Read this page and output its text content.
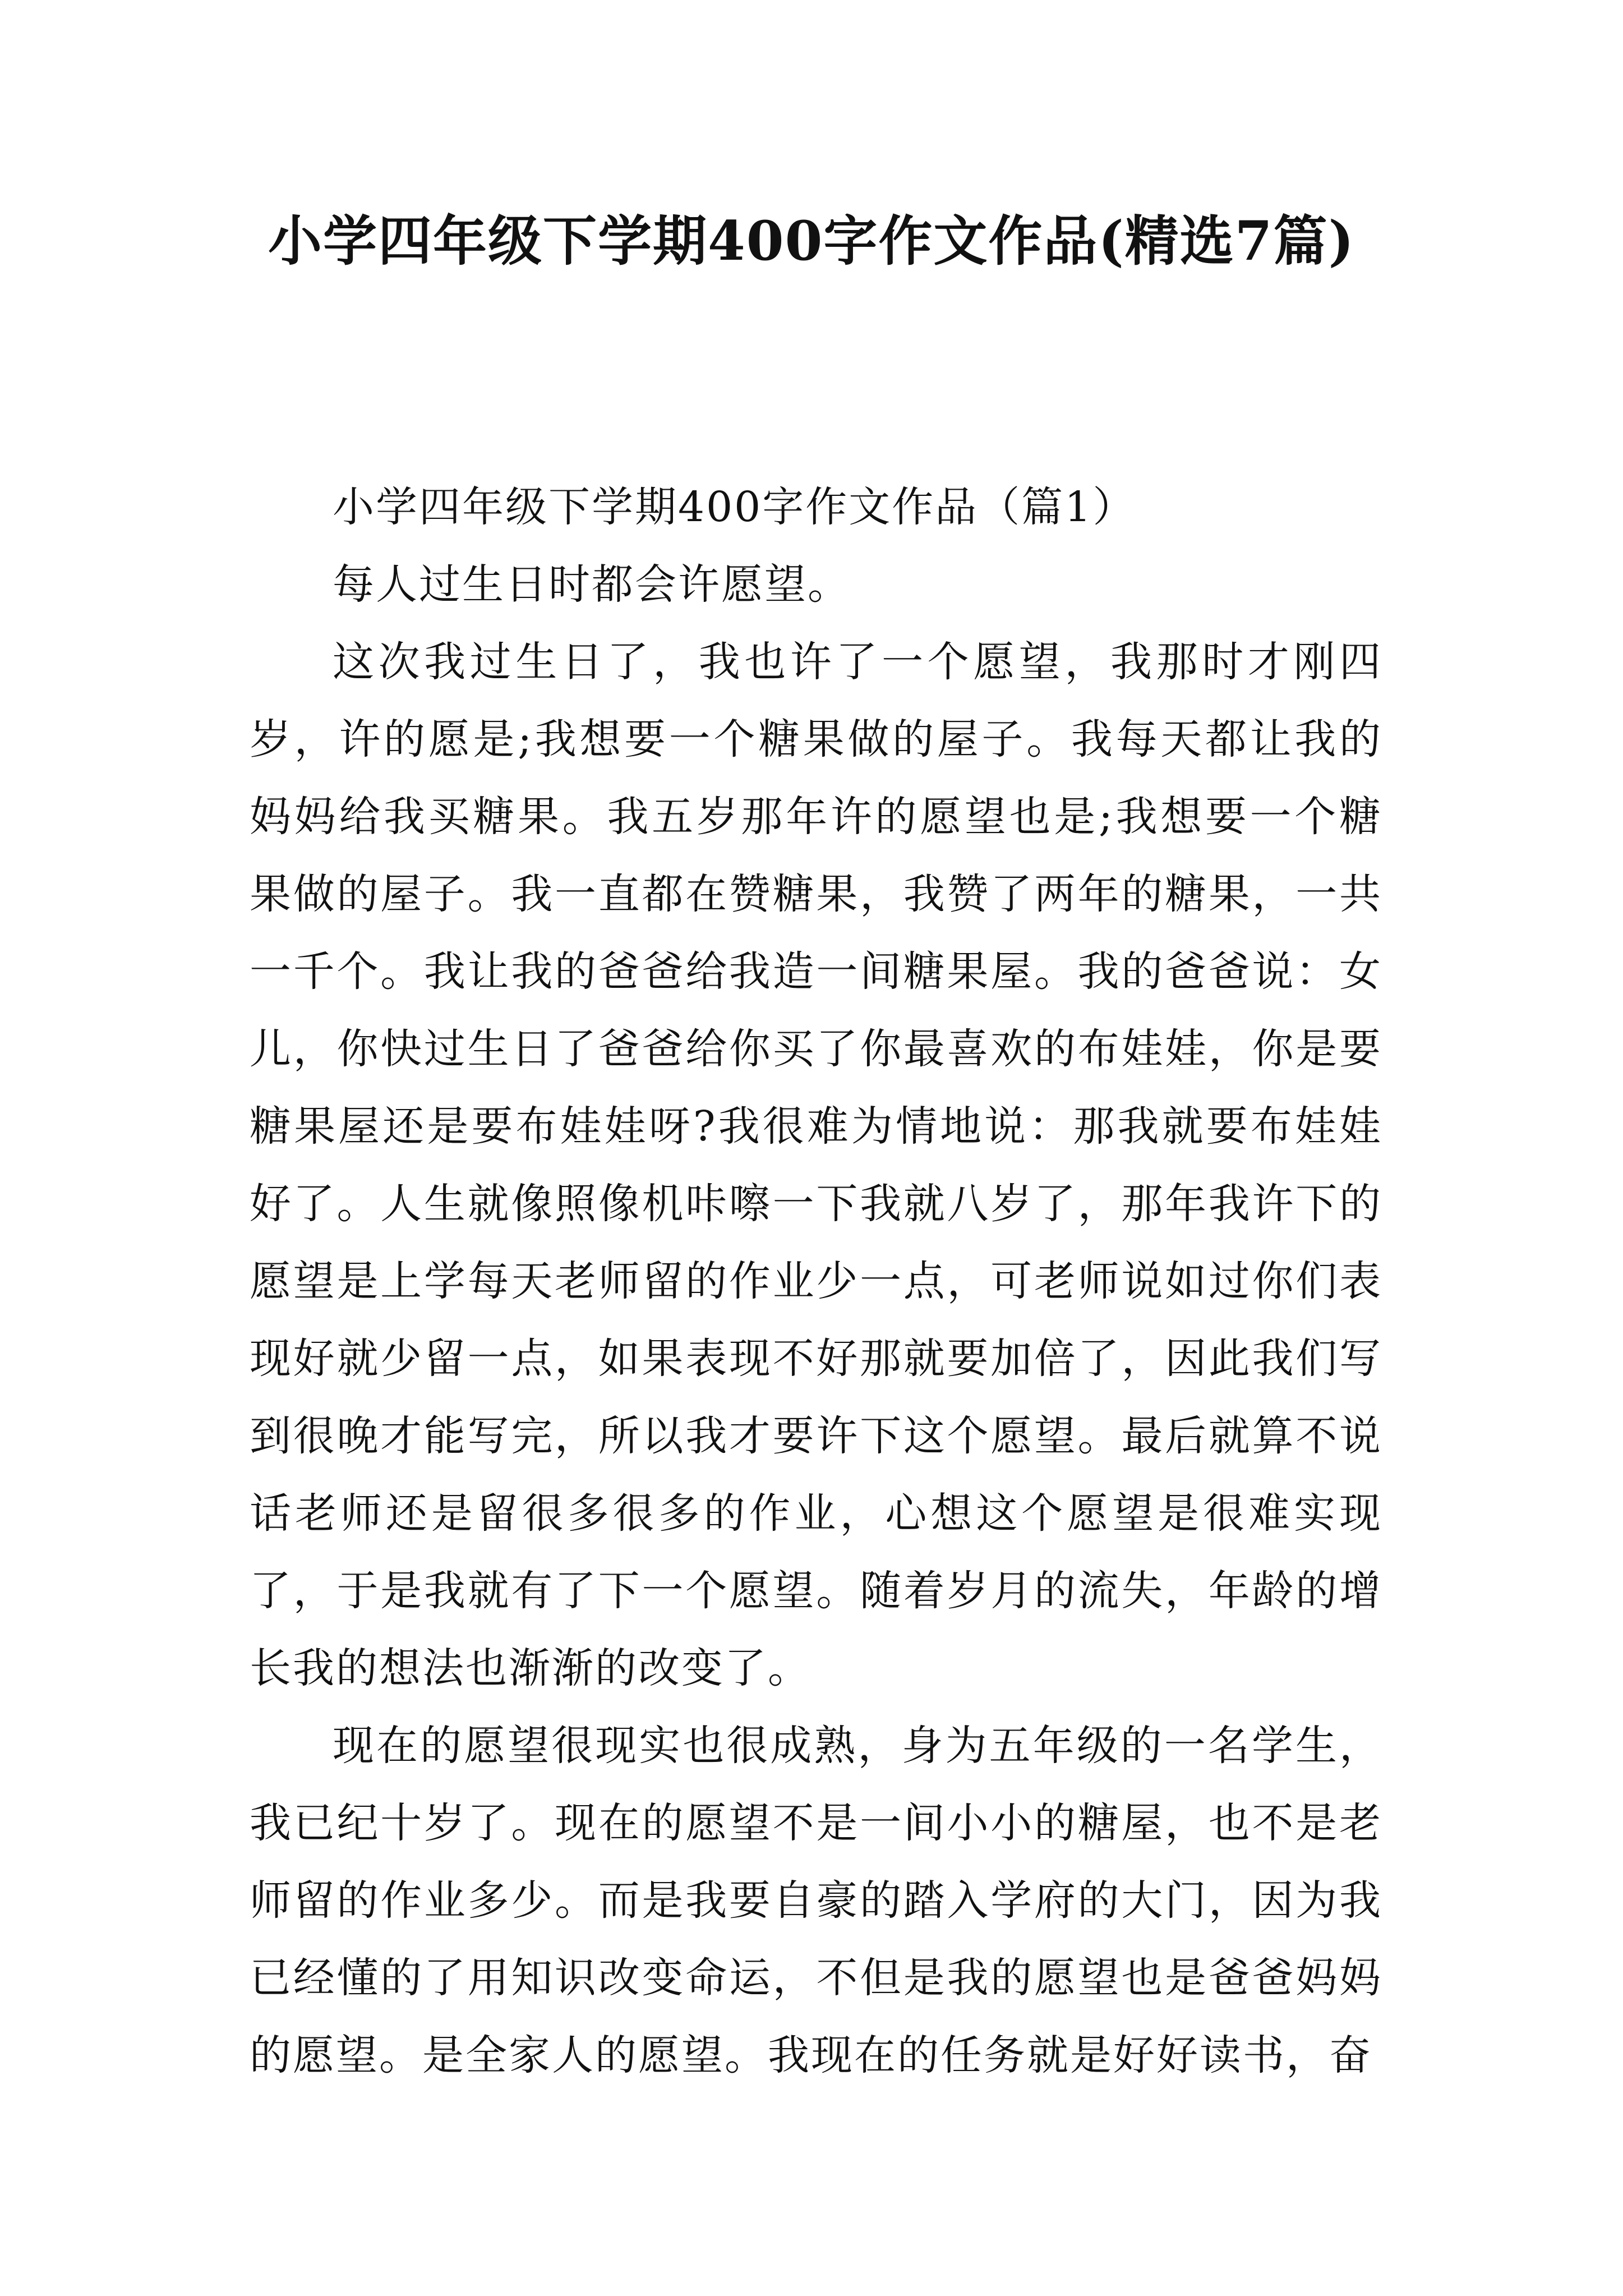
小学四年级下学期400字作文作品(精选7篇)

小学四年级下学期400字作文作品（篇1）

每人过生日时都会许愿望。

这次我过生日了，我也许了一个愿望，我那时才刚四岁，许的愿是;我想要一个糖果做的屋子。我每天都让我的妈妈给我买糖果。我五岁那年许的愿望也是;我想要一个糖果做的屋子。我一直都在赞糖果，我赞了两年的糖果，一共一千个。我让我的爸爸给我造一间糖果屋。我的爸爸说：女儿，你快过生日了爸爸给你买了你最喜欢的布娃娃，你是要糖果屋还是要布娃娃呀?我很难为情地说：那我就要布娃娃好了。人生就像照像机咔嚓一下我就八岁了，那年我许下的愿望是上学每天老师留的作业少一点，可老师说如过你们表现好就少留一点，如果表现不好那就要加倍了，因此我们写到很晚才能写完，所以我才要许下这个愿望。最后就算不说话老师还是留很多很多的作业，心想这个愿望是很难实现了，于是我就有了下一个愿望。随着岁月的流失，年龄的增长我的想法也渐渐的改变了。

现在的愿望很现实也很成熟，身为五年级的一名学生，我已纪十岁了。现在的愿望不是一间小小的糖屋，也不是老师留的作业多少。而是我要自豪的踏入学府的大门，因为我已经懂的了用知识改变命运，不但是我的愿望也是爸爸妈妈的愿望。是全家人的愿望。我现在的任务就是好好读书，奋
